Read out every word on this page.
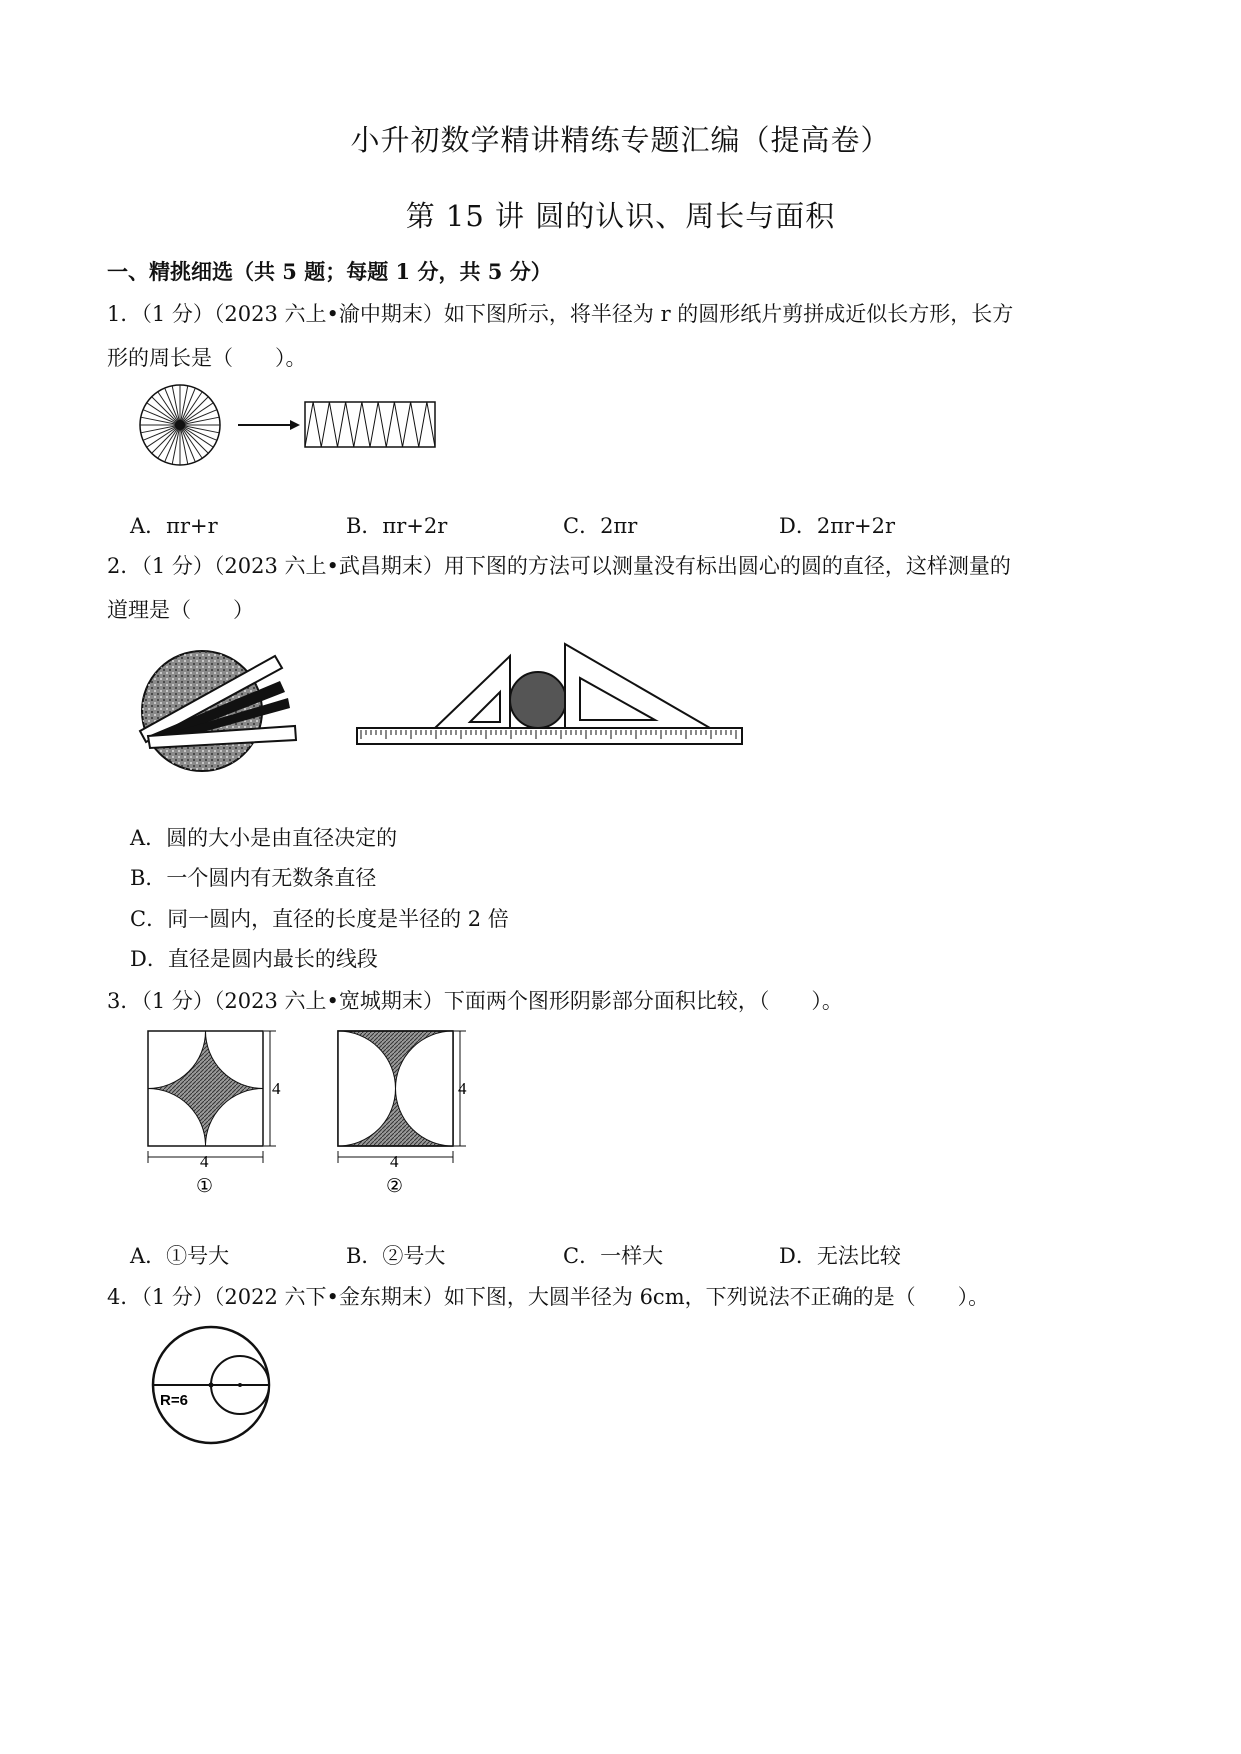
小升初数学精讲精练专题汇编（提高卷）
第 15 讲 圆的认识、周长与面积
一、精挑细选（共 5 题；每题 1 分，共 5 分）
1．（1 分）（2023 六上•渝中期末）如下图所示，将半径为 r 的圆形纸片剪拼成近似长方形，长方
形的周长是（　　）。
A．πr+r	B．πr+2r	C．2πr	D．2πr+2r
2．（1 分）（2023 六上•武昌期末）用下图的方法可以测量没有标出圆心的圆的直径，这样测量的
道理是（　　）
A．圆的大小是由直径决定的
B．一个圆内有无数条直径
C．同一圆内，直径的长度是半径的 2 倍
D．直径是圆内最长的线段
3．（1 分）（2023 六上•宽城期末）下面两个图形阴影部分面积比较，（　　）。
4
4
①
4
4
②
A．①号大	B．②号大	C．一样大	D．无法比较
4．（1 分）（2022 六下•金东期末）如下图，大圆半径为 6cm，下列说法不正确的是（　　）。
R=6
